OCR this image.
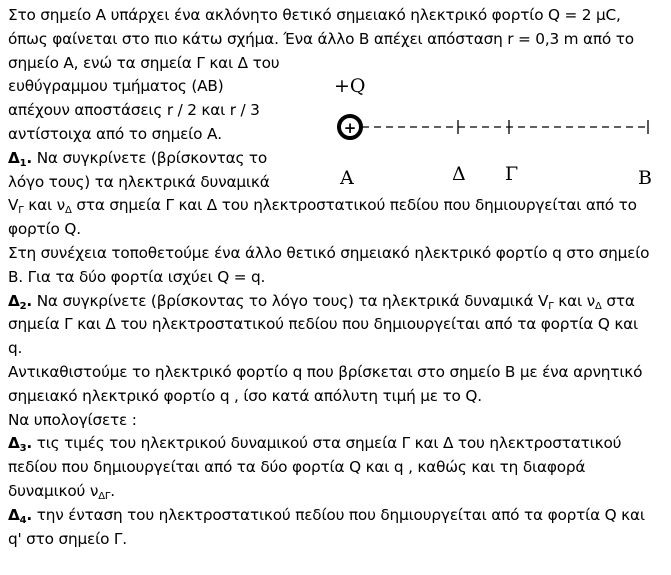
Στο σημείο Α υπάρχει ένα ακλόνητο θετικό σημειακό ηλεκτρικό φορτίο Q = 2 μC,
όπως φαίνεται στο πιο κάτω σχήμα. Ένα άλλο Β απέχει απόσταση r = 0,3 m από το
σημείο Α, ενώ τα σημεία Γ και Δ του
ευθύγραμμου τμήματος (ΑΒ)
απέχουν αποστάσεις r / 2 και r / 3
αντίστοιχα από το σημείο Α.
$\Delta_1$. Να συγκρίνετε (βρίσκοντας το
λόγο τους) τα ηλεκτρικά δυναμικά
$V_\Gamma$ και $\nu_\Delta$ στα σημεία Γ και Δ του ηλεκτροστατικού πεδίου που δημιουργείται από το
φορτίο Q.
Στη συνέχεια τοποθετούμε ένα άλλο θετικό σημειακό ηλεκτρικό φορτίο q στο σημείο
Β. Για τα δύο φορτία ισχύει Q = q.
$\Delta_2$. Να συγκρίνετε (βρίσκοντας το λόγο τους) τα ηλεκτρικά δυναμικά $V_\Gamma$ και $\nu_\Delta$ στα
σημεία Γ και Δ του ηλεκτροστατικού πεδίου που δημιουργείται από τα φορτία Q και
q.
Αντικαθιστούμε το ηλεκτρικό φορτίο q που βρίσκεται στο σημείο Β με ένα αρνητικό
σημειακό ηλεκτρικό φορτίο q , ίσο κατά απόλυτη τιμή με το Q.
Να υπολογίσετε :
$\Delta_3$. τις τιμές του ηλεκτρικού δυναμικού στα σημεία Γ και Δ του ηλεκτροστατικού
πεδίου που δημιουργείται από τα δύο φορτία Q και q , καθώς και τη διαφορά
δυναμικού $\nu_{\Delta\Gamma}$.
$\Delta_4$. την ένταση του ηλεκτροστατικού πεδίου που δημιουργείται από τα φορτία Q και
q' στο σημείο Γ.
+Q
+
A	Δ Γ	B
